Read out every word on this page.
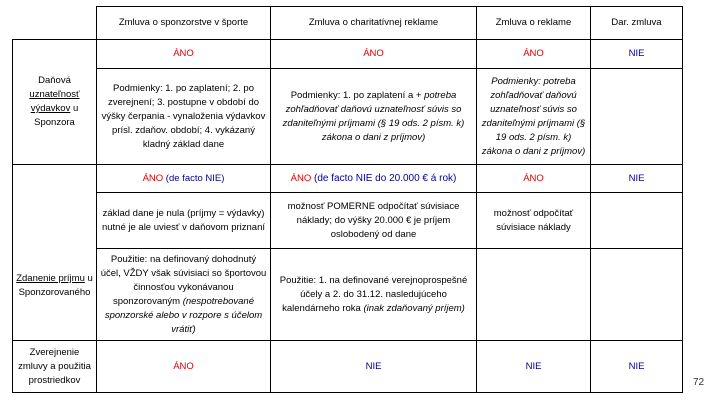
	Zmluva o sponzorstve v športe	Zmluva o charitatívnej reklame	Zmluva o reklame	Dar. zmluva
Daňová
uznateľnosť
výdavkov u
Sponzora	ÁNO	ÁNO	ÁNO	NIE
	Podmienky: 1. po zaplatení; 2. po zverejnení; 3. postupne v období do výšky čerpania - vynaloženia výdavkov prísl. zdaňov. období; 4. vykázaný kladný základ dane	Podmienky: 1. po zaplatení a + potreba zohľadňovať daňovú uznateľnosť súvis so zdaniteľnými príjmami (§ 19 ods. 2 písm. k) zákona o dani z príjmov)	Podmienky: potreba zohľadňovať daňovú uznateľnosť súvis so zdaniteľnými príjmami (§ 19 ods. 2 písm. k) zákona o dani z príjmov)	
Zdanenie príjmu u
Sponzorovaného	ÁNO (de facto NIE)	ÁNO (de facto NIE do 20.000 € á rok)	ÁNO	NIE
	základ dane je nula (príjmy = výdavky) nutné je ale uviesť v daňovom priznaní	možnosť POMERNE odpočítať súvisiace náklady; do výšky 20.000 € je príjem oslobodený od dane	možnosť odpočítať súvisiace náklady	
	Použitie: na definovaný dohodnutý účel, VŽDY však súvisiaci so športovou činnosťou vykonávanou sponzorovaným (nespotrebované sponzorské alebo v rozpore s účelom vrátiť)	Použitie: 1. na definované verejnoprospešné účely a 2. do 31.12. nasledujúceho kalendárneho roka (inak zdaňovaný príjem)		
Zverejnenie
zmluvy a použitia
prostriedkov	ÁNO	NIE	NIE	NIE
72
